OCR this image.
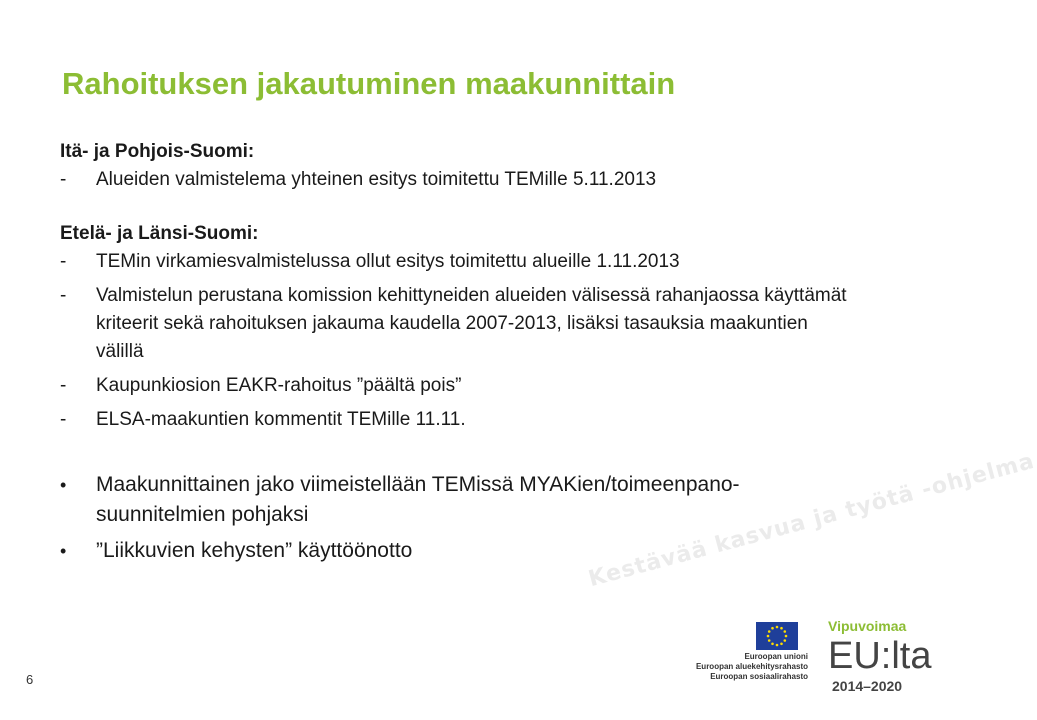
Rahoituksen jakautuminen maakunnittain
Itä- ja Pohjois-Suomi:
-	Alueiden valmistelema yhteinen esitys toimitettu TEMille 5.11.2013
Etelä- ja Länsi-Suomi:
-	TEMin virkamiesvalmistelussa ollut esitys toimitettu alueille 1.11.2013
-	Valmistelun perustana komission kehittyneiden alueiden välisessä rahanjaossa käyttämät kriteerit sekä rahoituksen jakauma kaudella 2007-2013, lisäksi tasauksia maakuntien välillä
-	Kaupunkiosion EAKR-rahoitus ”päältä pois”
-	ELSA-maakuntien kommentit TEMille 11.11.
•	Maakunnittainen jako viimeistellään TEMissä MYAKien/toimeenpano-suunnitelmien pohjaksi
•	”Liikkuvien kehysten” käyttöönotto	Kestävää kasvua ja työtä -ohjelma
Euroopan unioni
Euroopan aluekehitysrahasto
Euroopan sosiaalirahasto
Vipuvoimaa
EU:lta
2014–2020
6
